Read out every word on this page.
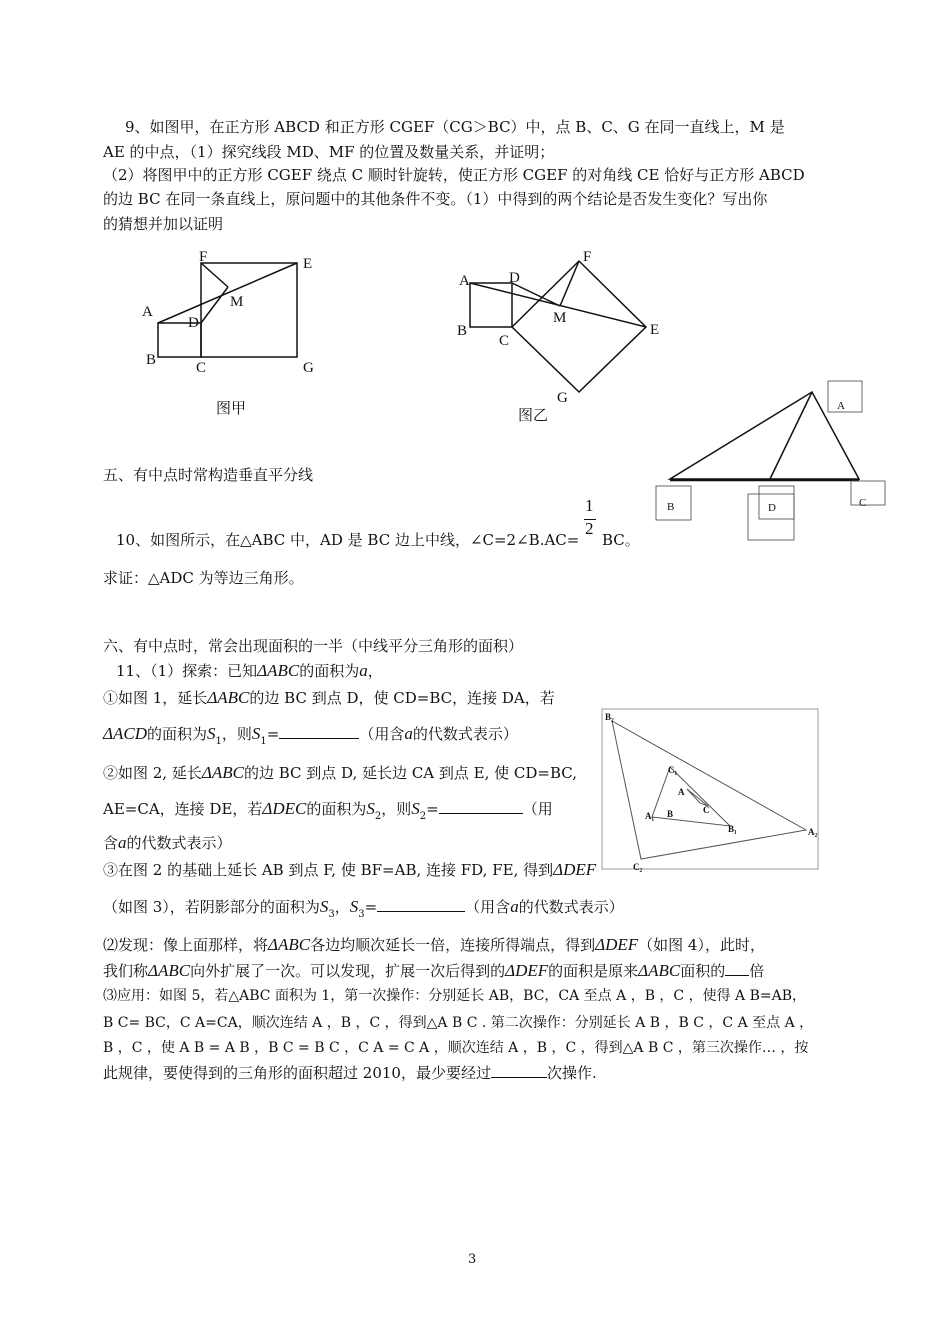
9、如图甲，在正方形 ABCD 和正方形 CGEF（CG＞BC）中，点 B、C、G 在同一直线上，M 是
AE 的中点，（1）探究线段 MD、MF 的位置及数量关系，并证明；
（2）将图甲中的正方形 CGEF 绕点 C 顺时针旋转，使正方形 CGEF 的对角线 CE 恰好与正方形 ABCD
的边 BC 在同一条直线上，原问题中的其他条件不变。（1）中得到的两个结论是否发生变化？写出你
的猜想并加以证明
F	E
A
M
D
B	C	G
图甲
F
A	D
M
B
C
E
G
图乙
五、有中点时常构造垂直平分线
A
B	D	C
10、如图所示，在△ABC 中，AD 是 BC 边上中线，∠C=2∠B.AC=
1
2
BC。
求证：△ADC 为等边三角形。
六、有中点时，常会出现面积的一半（中线平分三角形的面积）
11、（1）探索：已知ΔABC的面积为a，
①如图 1，延长ΔABC的边 BC 到点 D，使 CD=BC，连接 DA，若
ΔACD的面积为$S_1$，则$S_1=$	（用含a的代数式表示）
②如图 2, 延长ΔABC的边 BC 到点 D, 延长边 CA 到点 E, 使 CD=BC,
AE=CA，连接 DE，若ΔDEC的面积为$S_2$，则$S_2=$	（用
含a的代数式表示）
③在图 2 的基础上延长 AB 到点 F, 使 BF=AB, 连接 FD, FE, 得到ΔDEF
（如图 3），若阴影部分的面积为$S_3$，$S_3=$	（用含a的代数式表示）
B₂
C₁
A
B	C
A₁
B₁	A₂
C₂
⑵发现：像上面那样，将ΔABC各边均顺次延长一倍，连接所得端点，得到ΔDEF（如图 4），此时，
我们称ΔABC向外扩展了一次。可以发现，扩展一次后得到的ΔDEF的面积是原来ΔABC面积的 倍
⑶应用：如图 5，若△ABC 面积为 1，第一次操作：分别延长 AB，BC，CA 至点 A ，B ，C ，使得 A B=AB，
B C= BC，C A=CA，顺次连结 A ，B ，C ，得到△A B C . 第二次操作：分别延长 A B ，B C ，C A 至点 A ，
B ，C ，使 A B = A B ，B C = B C ，C A = C A ，顺次连结 A ，B ，C ，得到△A B C ，第三次操作… ，按
此规律，要使得到的三角形的面积超过 2010，最少要经过	次操作.
3
